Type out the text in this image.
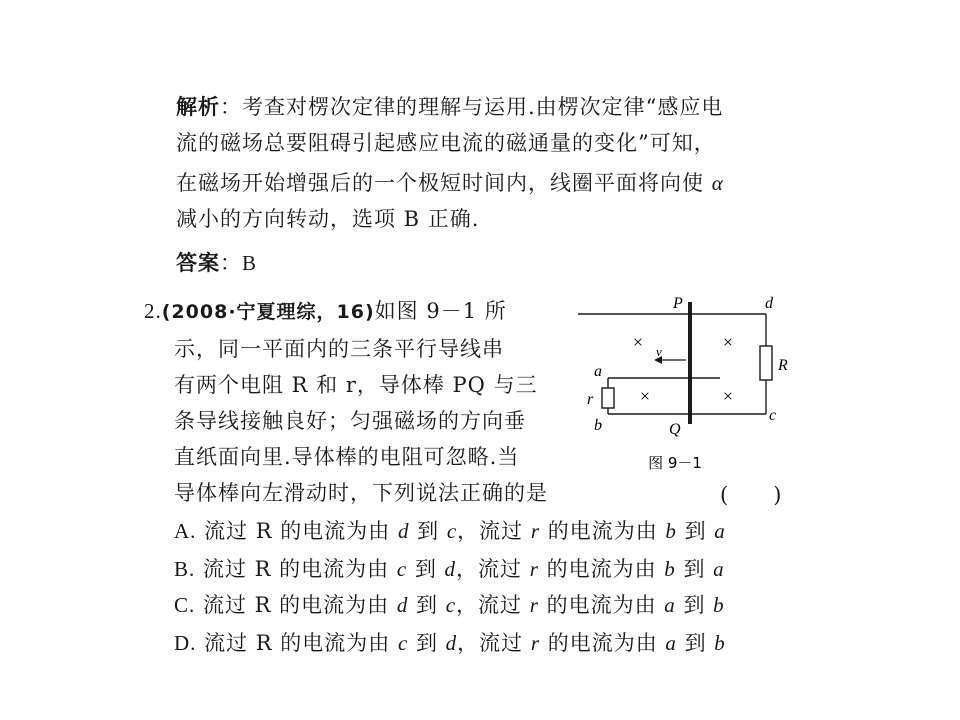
解析：考查对楞次定律的理解与运用.由楞次定律“感应电
流的磁场总要阻碍引起感应电流的磁通量的变化”可知，
在磁场开始增强后的一个极短时间内，线圈平面将向使 α
减小的方向转动，选项 B 正确.
答案：B
2.(2008·宁夏理综，16)如图 9－1 所
示，同一平面内的三条平行导线串
有两个电阻 R 和 r，导体棒 PQ 与三
条导线接触良好；匀强磁场的方向垂
直纸面向里.导体棒的电阻可忽略.当
导体棒向左滑动时，下列说法正确的是	(　　)
A. 流过 R 的电流为由 d 到 c，流过 r 的电流为由 b 到 a
B. 流过 R 的电流为由 c 到 d，流过 r 的电流为由 b 到 a
C. 流过 R 的电流为由 d 到 c，流过 r 的电流为由 a 到 b
D. 流过 R 的电流为由 c 到 d，流过 r 的电流为由 a 到 b
×	×
×	×
P
Q
d
c
a
b
R
r
v
图 9－1
